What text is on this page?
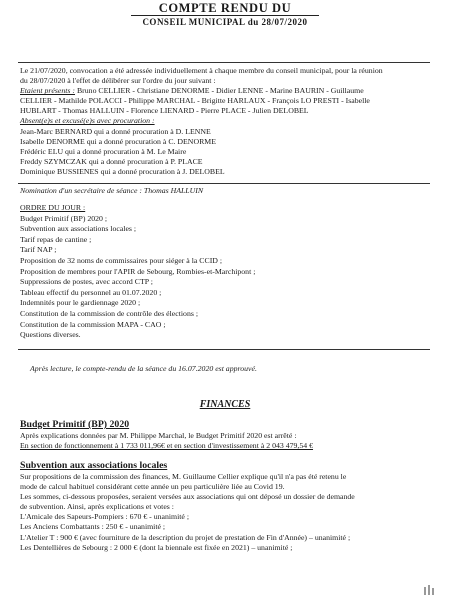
COMPTE RENDU DU
CONSEIL MUNICIPAL du 28/07/2020

Le 21/07/2020, convocation a été adressée individuellement à chaque membre du conseil municipal, pour la réunion

du 28/07/2020 à l'effet de délibérer sur l'ordre du jour suivant :

Etaient présents : Bruno CELLIER - Christiane DENORME - Didier LENNE - Marine BAURIN - Guillaume

CELLIER - Mathilde POLACCI - Philippe MARCHAL - Brigitte HARLAUX - François LO PRESTI - Isabelle

HUBLART - Thomas HALLUIN - Florence LIENARD - Pierre PLACE - Julien DELOBEL

Absent(e)s et excusé(e)s avec procuration :

Jean-Marc BERNARD qui a donné procuration à D. LENNE

Isabelle DENORME qui a donné procuration à C. DENORME

Frédéric ELU qui a donné procuration à M. Le Maire

Freddy SZYMCZAK qui a donné procuration à P. PLACE

Dominique BUSSIENES qui a donné procuration à J. DELOBEL

Nomination d'un secrétaire de séance : Thomas HALLUIN

ORDRE DU JOUR :

Budget Primitif (BP) 2020 ;

Subvention aux associations locales ;

Tarif repas de cantine ;

Tarif NAP ;

Proposition de 32 noms de commissaires pour siéger à la CCID ;

Proposition de membres pour l'APIR de Sebourg, Rombies-et-Marchipont ;

Suppressions de postes, avec accord CTP ;

Tableau effectif du personnel au 01.07.2020 ;

Indemnités pour le gardiennage 2020 ;

Constitution de la commission de contrôle des élections ;

Constitution de la commission MAPA - CAO ;

Questions diverses.

Après lecture, le compte-rendu de la séance du 16.07.2020 est approuvé.

FINANCES

Budget Primitif (BP) 2020

Après explications données par M. Philippe Marchal, le Budget Primitif 2020 est arrêté :

En section de fonctionnement à 1 733 011,96€ et en section d'investissement à 2 043 479,54 €

Subvention aux associations locales

Sur propositions de la commission des finances, M. Guillaume Cellier explique qu'il n'a pas été retenu le

mode de calcul habituel considérant cette année un peu particulière liée au Covid 19.

Les sommes, ci-dessous proposées, seraient versées aux associations qui ont déposé un dossier de demande

de subvention. Ainsi, après explications et votes :

L'Amicale des Sapeurs-Pompiers : 670 € - unanimité ;

Les Anciens Combattants : 250 € - unanimité ;

L'Atelier T : 900 € (avec fourniture de la description du projet de prestation de Fin d'Année) – unanimité ;

Les Dentellières de Sebourg : 2 000 € (dont la biennale est fixée en 2021) – unanimité ;
